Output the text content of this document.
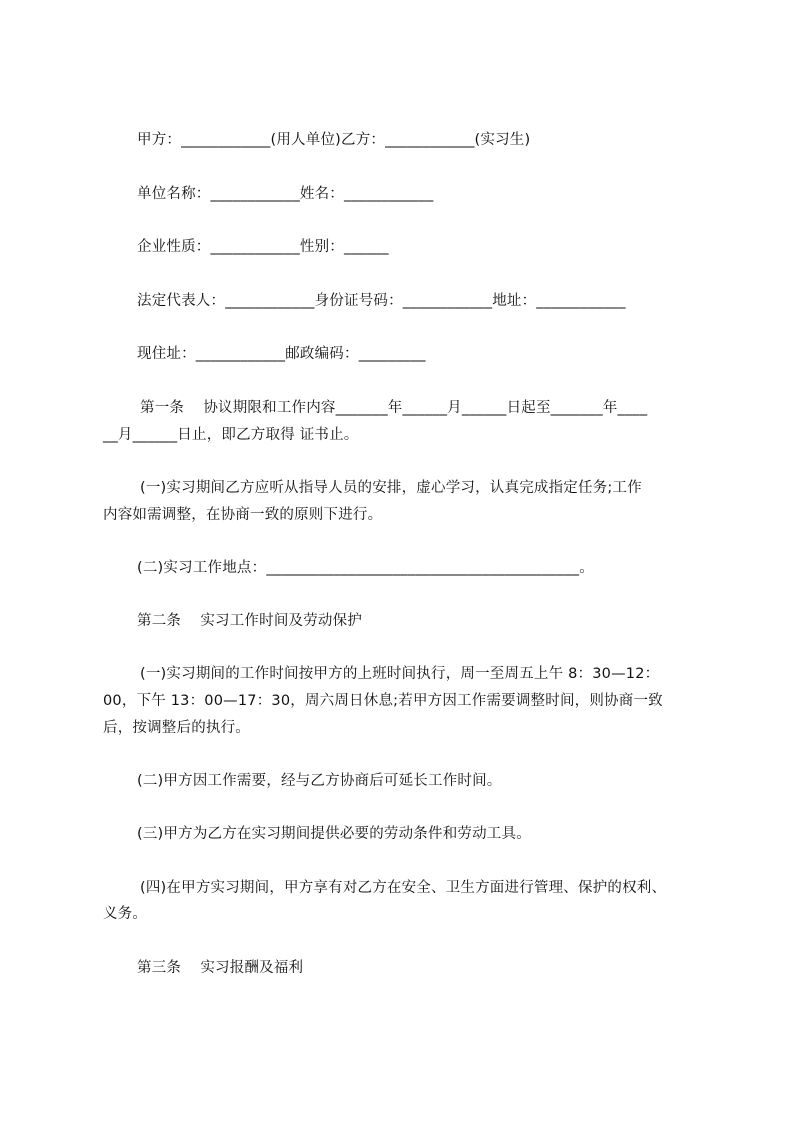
甲方：____________(用人单位)乙方：____________(实习生)

单位名称：____________姓名：____________

企业性质：____________性别：______

法定代表人：____________身份证号码：____________地址：____________

现住址：____________邮政编码：_________

第一条    协议期限和工作内容_______年______月______日起至_______年____

__月______日止，即乙方取得 证书止。

(一)实习期间乙方应听从指导人员的安排，虚心学习，认真完成指定任务;工作

内容如需调整，在协商一致的原则下进行。

(二)实习工作地点：__________________________________________。

第二条    实习工作时间及劳动保护

(一)实习期间的工作时间按甲方的上班时间执行，周一至周五上午 8：30—12：

00，下午 13：00—17：30，周六周日休息;若甲方因工作需要调整时间，则协商一致

后，按调整后的执行。

(二)甲方因工作需要，经与乙方协商后可延长工作时间。

(三)甲方为乙方在实习期间提供必要的劳动条件和劳动工具。

(四)在甲方实习期间，甲方享有对乙方在安全、卫生方面进行管理、保护的权利、

义务。

第三条    实习报酬及福利
